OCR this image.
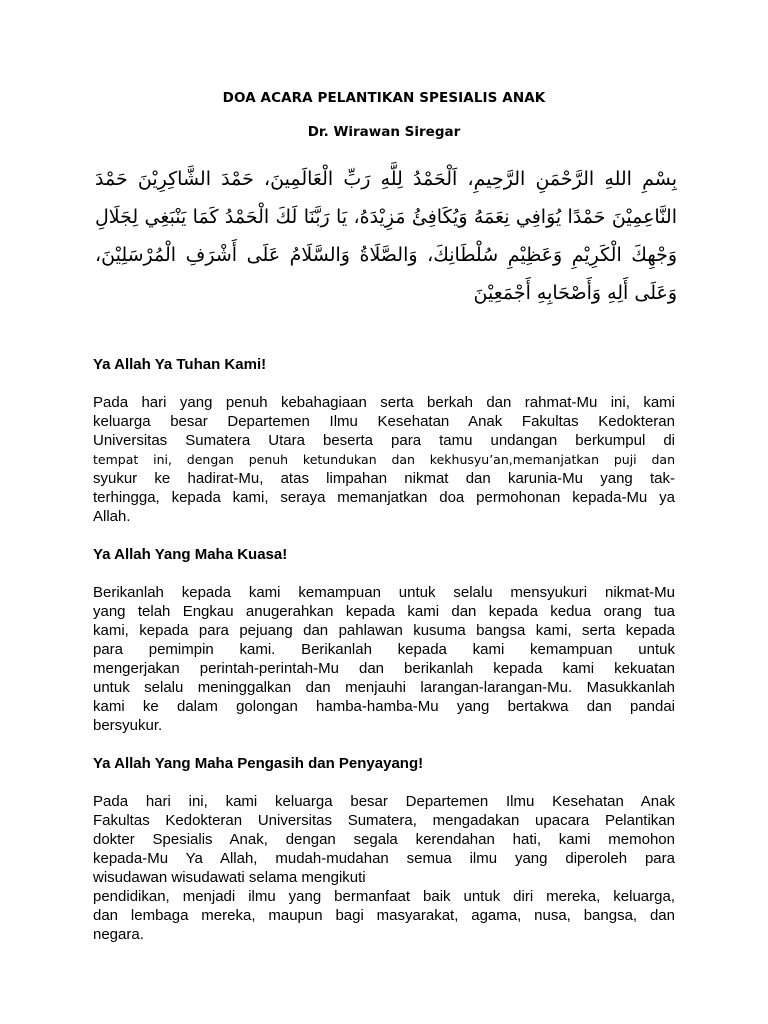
DOA ACARA PELANTIKAN SPESIALIS ANAK
Dr. Wirawan Siregar
بِسْمِ اللهِ الرَّحْمَنِ الرَّحِيمِ، اَلْحَمْدُ لِلَّهِ رَبِّ الْعَالَمِينَ، حَمْدَ الشَّاكِرِيْنَ حَمْدَ النَّاعِمِيْنَ حَمْدًا يُوَافِي نِعَمَهُ وَيُكَافِئُ مَزِيْدَهُ، يَا رَبَّنَا لَكَ الْحَمْدُ كَمَا يَنْبَغِي لِجَلَالِ وَجْهِكَ الْكَرِيْمِ وَعَظِيْمِ سُلْطَانِكَ، وَالصَّلَاةُ وَالسَّلَامُ عَلَى أَشْرَفِ الْمُرْسَلِيْنَ، وَعَلَى أَلِهِ وَأَصْحَابِهِ أَجْمَعِيْنَ
Ya Allah Ya Tuhan Kami!
Pada hari yang penuh kebahagiaan serta berkah dan rahmat-Mu ini, kami
keluarga besar Departemen Ilmu Kesehatan Anak Fakultas Kedokteran
Universitas Sumatera Utara beserta para tamu undangan berkumpul di
tempat ini, dengan penuh ketundukan dan kekhusyu’an,memanjatkan puji dan
syukur ke hadirat-Mu, atas limpahan nikmat dan karunia-Mu yang tak-
terhingga, kepada kami, seraya memanjatkan doa permohonan kepada-Mu ya
Allah.
Ya Allah Yang Maha Kuasa!
Berikanlah kepada kami kemampuan untuk selalu mensyukuri nikmat-Mu
yang telah Engkau anugerahkan kepada kami dan kepada kedua orang tua
kami, kepada para pejuang dan pahlawan kusuma bangsa kami, serta kepada
para pemimpin kami. Berikanlah kepada kami kemampuan untuk
mengerjakan perintah-perintah-Mu dan berikanlah kepada kami kekuatan
untuk selalu meninggalkan dan menjauhi larangan-larangan-Mu. Masukkanlah
kami ke dalam golongan hamba-hamba-Mu yang bertakwa dan pandai
bersyukur.
Ya Allah Yang Maha Pengasih dan Penyayang!
Pada hari ini, kami keluarga besar Departemen Ilmu Kesehatan Anak
Fakultas Kedokteran Universitas Sumatera, mengadakan upacara Pelantikan
dokter Spesialis Anak, dengan segala kerendahan hati, kami memohon
kepada-Mu Ya Allah, mudah-mudahan semua ilmu yang diperoleh para
wisudawan wisudawati selama mengikuti
pendidikan, menjadi ilmu yang bermanfaat baik untuk diri mereka, keluarga,
dan lembaga mereka, maupun bagi masyarakat, agama, nusa, bangsa, dan
negara.
